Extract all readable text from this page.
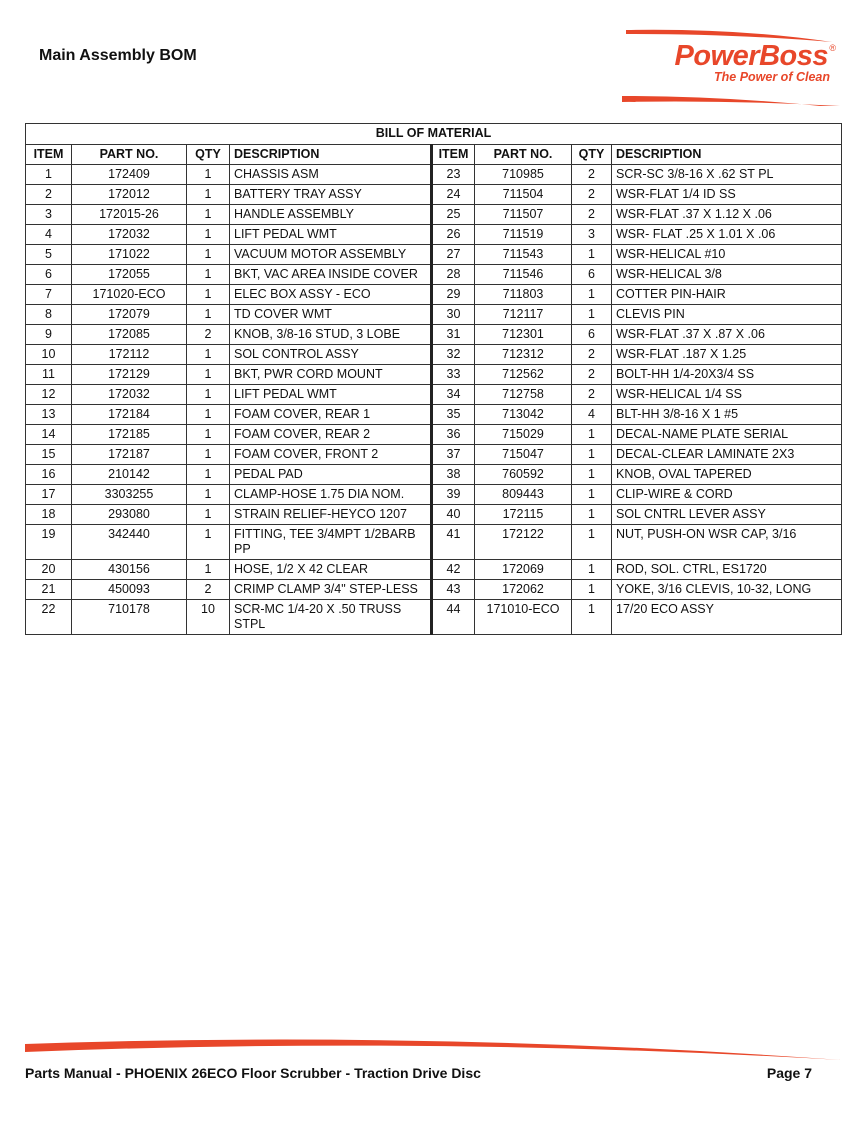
Main Assembly BOM	PowerBoss ®
The Power of Clean
BILL OF MATERIAL							
ITEM	PART NO.	QTY	DESCRIPTION	ITEM	PART NO.	QTY	DESCRIPTION
1	172409	1	CHASSIS ASM	23	710985	2	SCR-SC 3/8-16 X .62 ST PL
2	172012	1	BATTERY TRAY ASSY	24	711504	2	WSR-FLAT 1/4 ID SS
3	172015-26	1	HANDLE ASSEMBLY	25	711507	2	WSR-FLAT .37 X 1.12 X .06
4	172032	1	LIFT PEDAL WMT	26	711519	3	WSR- FLAT .25 X 1.01 X .06
5	171022	1	VACUUM MOTOR ASSEMBLY	27	711543	1	WSR-HELICAL #10
6	172055	1	BKT, VAC AREA INSIDE COVER	28	711546	6	WSR-HELICAL 3/8
7	171020-ECO	1	ELEC BOX ASSY - ECO	29	711803	1	COTTER PIN-HAIR
8	172079	1	TD COVER WMT	30	712117	1	CLEVIS PIN
9	172085	2	KNOB, 3/8-16 STUD, 3 LOBE	31	712301	6	WSR-FLAT .37 X .87 X .06
10	172112	1	SOL CONTROL ASSY	32	712312	2	WSR-FLAT .187 X 1.25
11	172129	1	BKT, PWR CORD MOUNT	33	712562	2	BOLT-HH 1/4-20X3/4 SS
12	172032	1	LIFT PEDAL WMT	34	712758	2	WSR-HELICAL 1/4 SS
13	172184	1	FOAM COVER, REAR 1	35	713042	4	BLT-HH 3/8-16 X 1 #5
14	172185	1	FOAM COVER, REAR 2	36	715029	1	DECAL-NAME PLATE SERIAL
15	172187	1	FOAM COVER, FRONT 2	37	715047	1	DECAL-CLEAR LAMINATE 2X3
16	210142	1	PEDAL PAD	38	760592	1	KNOB, OVAL TAPERED
17	3303255	1	CLAMP-HOSE 1.75 DIA NOM.	39	809443	1	CLIP-WIRE & CORD
18	293080	1	STRAIN RELIEF-HEYCO 1207	40	172115	1	SOL CNTRL LEVER ASSY
19	342440	1	FITTING, TEE 3/4MPT 1/2BARB PP	41	172122	1	NUT, PUSH-ON WSR CAP, 3/16
20	430156	1	HOSE, 1/2 X 42 CLEAR	42	172069	1	ROD, SOL. CTRL, ES1720
21	450093	2	CRIMP CLAMP 3/4" STEP-LESS	43	172062	1	YOKE, 3/16 CLEVIS, 10-32, LONG
22	710178	10	SCR-MC 1/4-20 X .50 TRUSS STPL	44	171010-ECO	1	17/20 ECO ASSY
Parts Manual - PHOENIX 26ECO Floor Scrubber - Traction Drive Disc	Page 7
